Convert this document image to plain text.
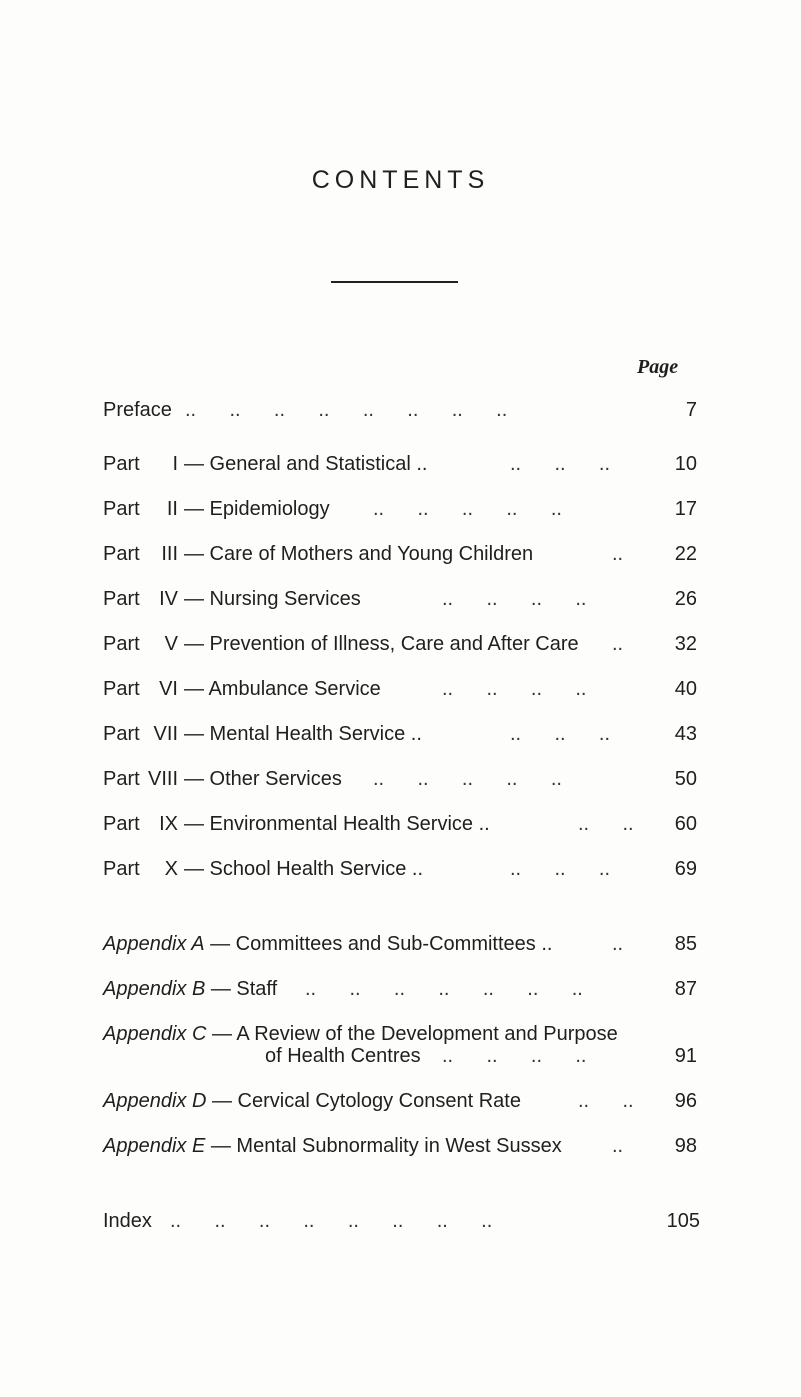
CONTENTS
Page
Preface ..      ..      ..      ..      ..      ..      ..      ..	7
Part	I — General and Statistical ..	..      ..      ..	10
Part	II — Epidemiology ..      ..      ..      ..      ..	17
Part	III — Care of Mothers and Young Children	..	22
Part IV — Nursing Services	..      ..      ..      ..	26
Part	V — Prevention of Illness, Care and After Care ..	32
Part VI — Ambulance Service	..      ..      ..      ..	40
Part VII — Mental Health Service ..	..      ..      ..	43
Part VIII — Other Services ..      ..      ..      ..      ..	50
Part IX — Environmental Health Service ..	..      ..	60
Part	X — School Health Service ..	..      ..      ..	69
Appendix A — Committees and Sub-Committees ..	..	85
Appendix B — Staff ..      ..      ..      ..      ..      ..      ..	87
Appendix C — A Review of the Development and Purpose
of Health Centres ..      ..      ..      ..	91
Appendix D — Cervical Cytology Consent Rate	..      ..	96
Appendix E — Mental Subnormality in West Sussex	..	98
Index ..      ..      ..      ..      ..      ..      ..      ..	105
